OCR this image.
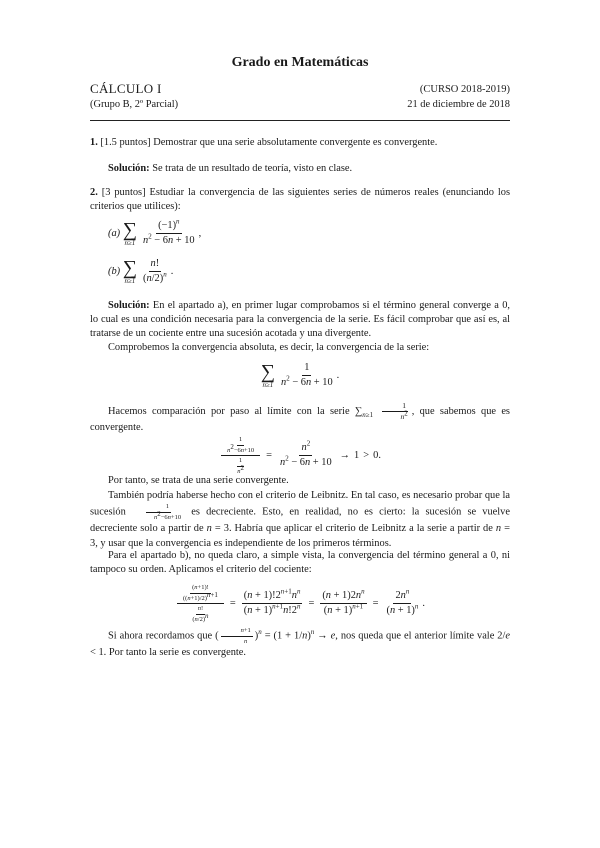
Grado en Matemáticas
CÁLCULO I	(CURSO 2018-2019)
(Grupo B, 2º Parcial)	21 de diciembre de 2018
1. [1.5 puntos] Demostrar que una serie absolutamente convergente es convergente.
Solución: Se trata de un resultado de teoría, visto en clase.
2. [3 puntos] Estudiar la convergencia de las siguientes series de números reales (enunciando los criterios que utilices):
(a)
∑
$n\ge 1 \frac{(-1)^n}{n^2 - 6n + 10}$ ,
(b)
∑
$n\ge 1 \frac{n!}{(n/2)^n}$ .
Solución: En el apartado a), en primer lugar comprobamos si el término general converge a 0, lo cual es una condición necesaria para la convergencia de la serie. Es fácil comprobar que así es, al tratarse de un cociente entre una sucesión acotada y una divergente.
Comprobemos la convergencia absoluta, es decir, la convergencia de la serie:
∑
$n\ge 1 \frac{1}{n^2 - 6n + 10}$ .
Hacemos comparación por paso al límite con la serie $\sum_{n\ge 1} \frac{1}{n^2}$ , que sabemos que es convergente.
$\frac{\frac{1}{n^2-6n+10}}{\frac{1}{n^2}} = \frac{n^2}{n^2 - 6n + 10} \to 1 > 0$.
Por tanto, se trata de una serie convergente.
También podría haberse hecho con el criterio de Leibnitz. En tal caso, es necesario probar que la sucesión $\frac{1}{n^2-6n+10}$ es decreciente. Esto, en realidad, no es cierto: la sucesión se vuelve decreciente solo a partir de n = 3. Habría que aplicar el criterio de Leibnitz a la serie a partir de n = 3, y usar que la convergencia es independiente de los primeros términos.
Para el apartado b), no queda claro, a simple vista, la convergencia del término general a 0, ni tampoco su orden. Aplicamos el criterio del cociente:
$\frac{\frac{(n+1)!}{((n+1)/2)^{n+1}}}{\frac{n!}{(n/2)^n}} = \frac{(n + 1)!2^{n+1}n^n}{(n + 1)^{n+1}n!2^n} = \frac{(n + 1)2n^n}{(n + 1)^{n+1}} = \frac{2n^n}{(n + 1)^n}$ .
Si ahora recordamos que ( $\frac{n+1}{n} )^n = (1 + 1/n)^n \to e$, nos queda que el anterior límite vale 2/e < 1. Por tanto la serie es convergente.
